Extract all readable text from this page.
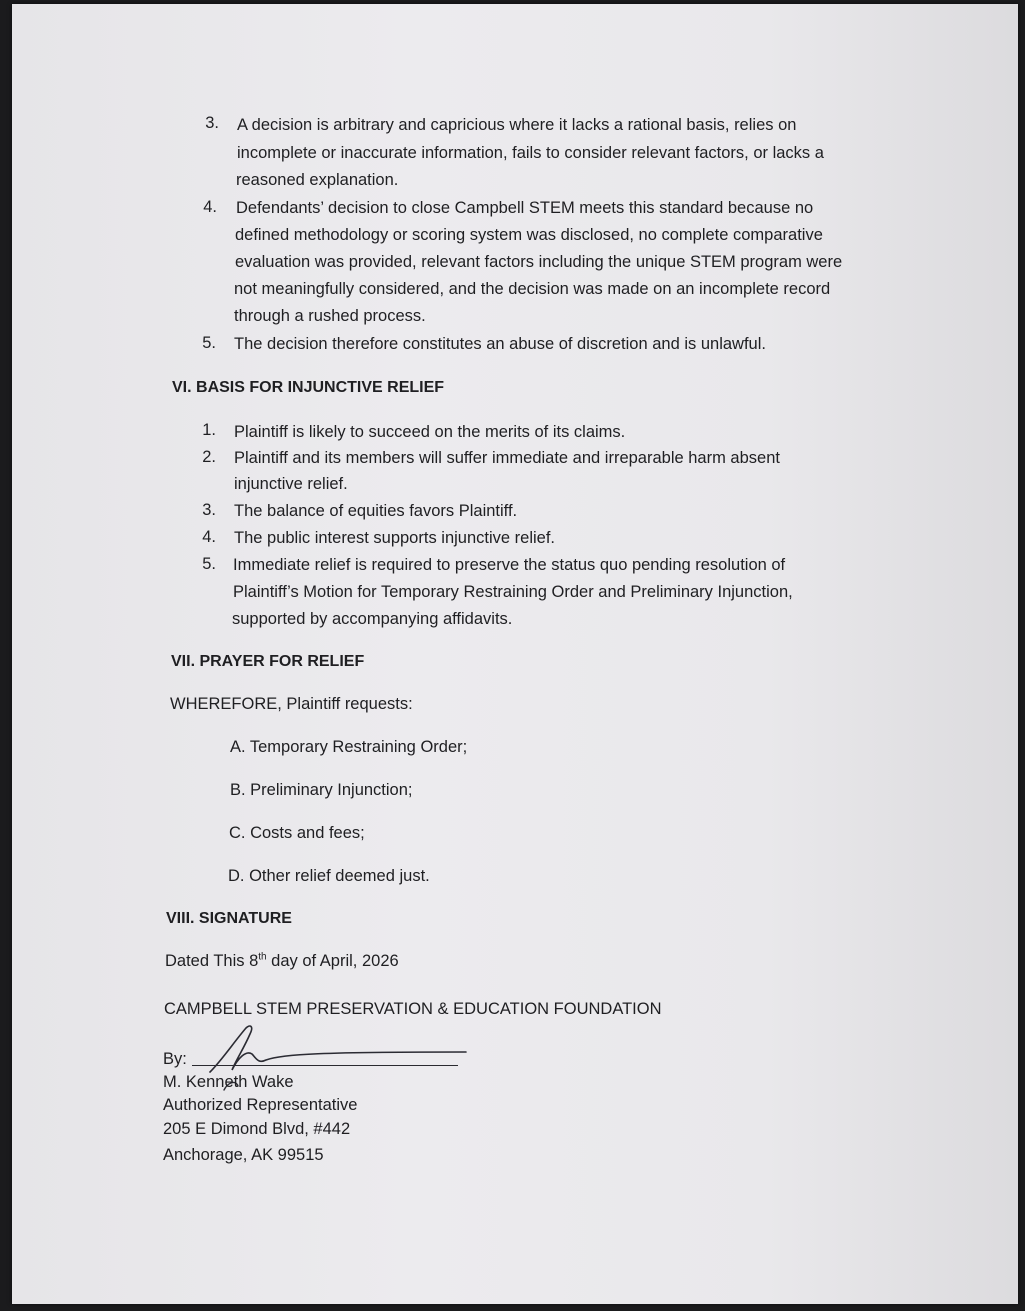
3. A decision is arbitrary and capricious where it lacks a rational basis, relies on
incomplete or inaccurate information, fails to consider relevant factors, or lacks a
reasoned explanation.
4. Defendants’ decision to close Campbell STEM meets this standard because no
defined methodology or scoring system was disclosed, no complete comparative
evaluation was provided, relevant factors including the unique STEM program were
not meaningfully considered, and the decision was made on an incomplete record
through a rushed process.
5. The decision therefore constitutes an abuse of discretion and is unlawful.
VI. BASIS FOR INJUNCTIVE RELIEF
1. Plaintiff is likely to succeed on the merits of its claims.
2. Plaintiff and its members will suffer immediate and irreparable harm absent
injunctive relief.
3. The balance of equities favors Plaintiff.
4. The public interest supports injunctive relief.
5. Immediate relief is required to preserve the status quo pending resolution of
Plaintiff’s Motion for Temporary Restraining Order and Preliminary Injunction,
supported by accompanying affidavits.
VII. PRAYER FOR RELIEF
WHEREFORE, Plaintiff requests:
A. Temporary Restraining Order;
B. Preliminary Injunction;
C. Costs and fees;
D. Other relief deemed just.
VIII. SIGNATURE
Dated This 8th day of April, 2026
CAMPBELL STEM PRESERVATION & EDUCATION FOUNDATION
By:
M. Kenneth Wake
Authorized Representative
205 E Dimond Blvd, #442
Anchorage, AK 99515
